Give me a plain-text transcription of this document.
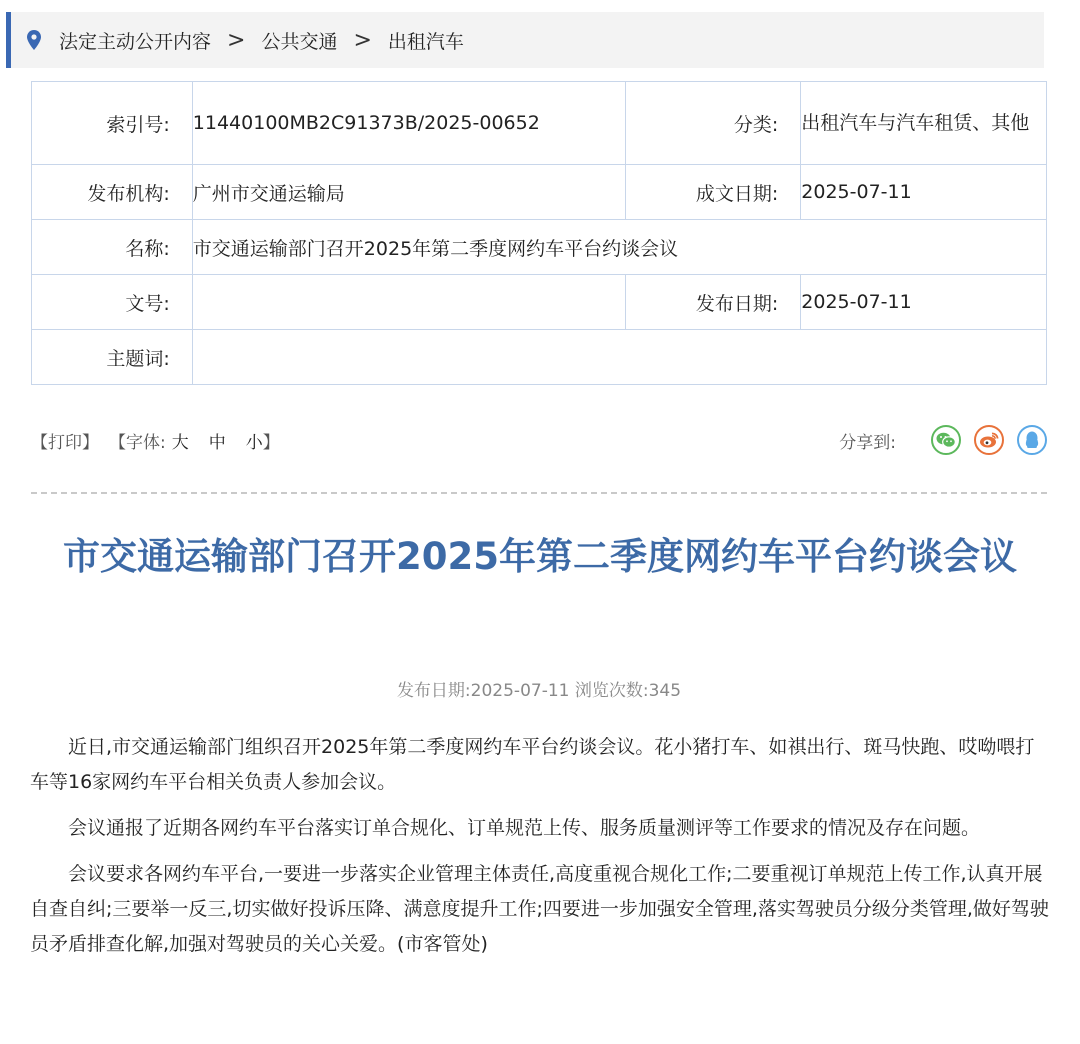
法定主动公开内容 > 公共交通 > 出租汽车
索引号:	11440100MB2C91373B/2025-00652	分类:	出租汽车与汽车租赁、其他
发布机构:	广州市交通运输局	成文日期:	2025-07-11
名称:	市交通运输部门召开2025年第二季度网约车平台约谈会议		
文号:		发布日期:	2025-07-11
主题词:			
【打印】 【字体: 大 中 小 】	分享到:
市交通运输部门召开2025年第二季度网约车平台约谈会议
发布日期:2025-07-11 浏览次数:345

近日,市交通运输部门组织召开2025年第二季度网约车平台约谈会议。花小猪打车、如祺出行、斑马快跑、哎呦喂打车等16家网约车平台相关负责人参加会议。

会议通报了近期各网约车平台落实订单合规化、订单规范上传、服务质量测评等工作要求的情况及存在问题。

会议要求各网约车平台,一要进一步落实企业管理主体责任,高度重视合规化工作;二要重视订单规范上传工作,认真开展自查自纠;三要举一反三,切实做好投诉压降、满意度提升工作;四要进一步加强安全管理,落实驾驶员分级分类管理,做好驾驶员矛盾排查化解,加强对驾驶员的关心关爱。(市客管处)
